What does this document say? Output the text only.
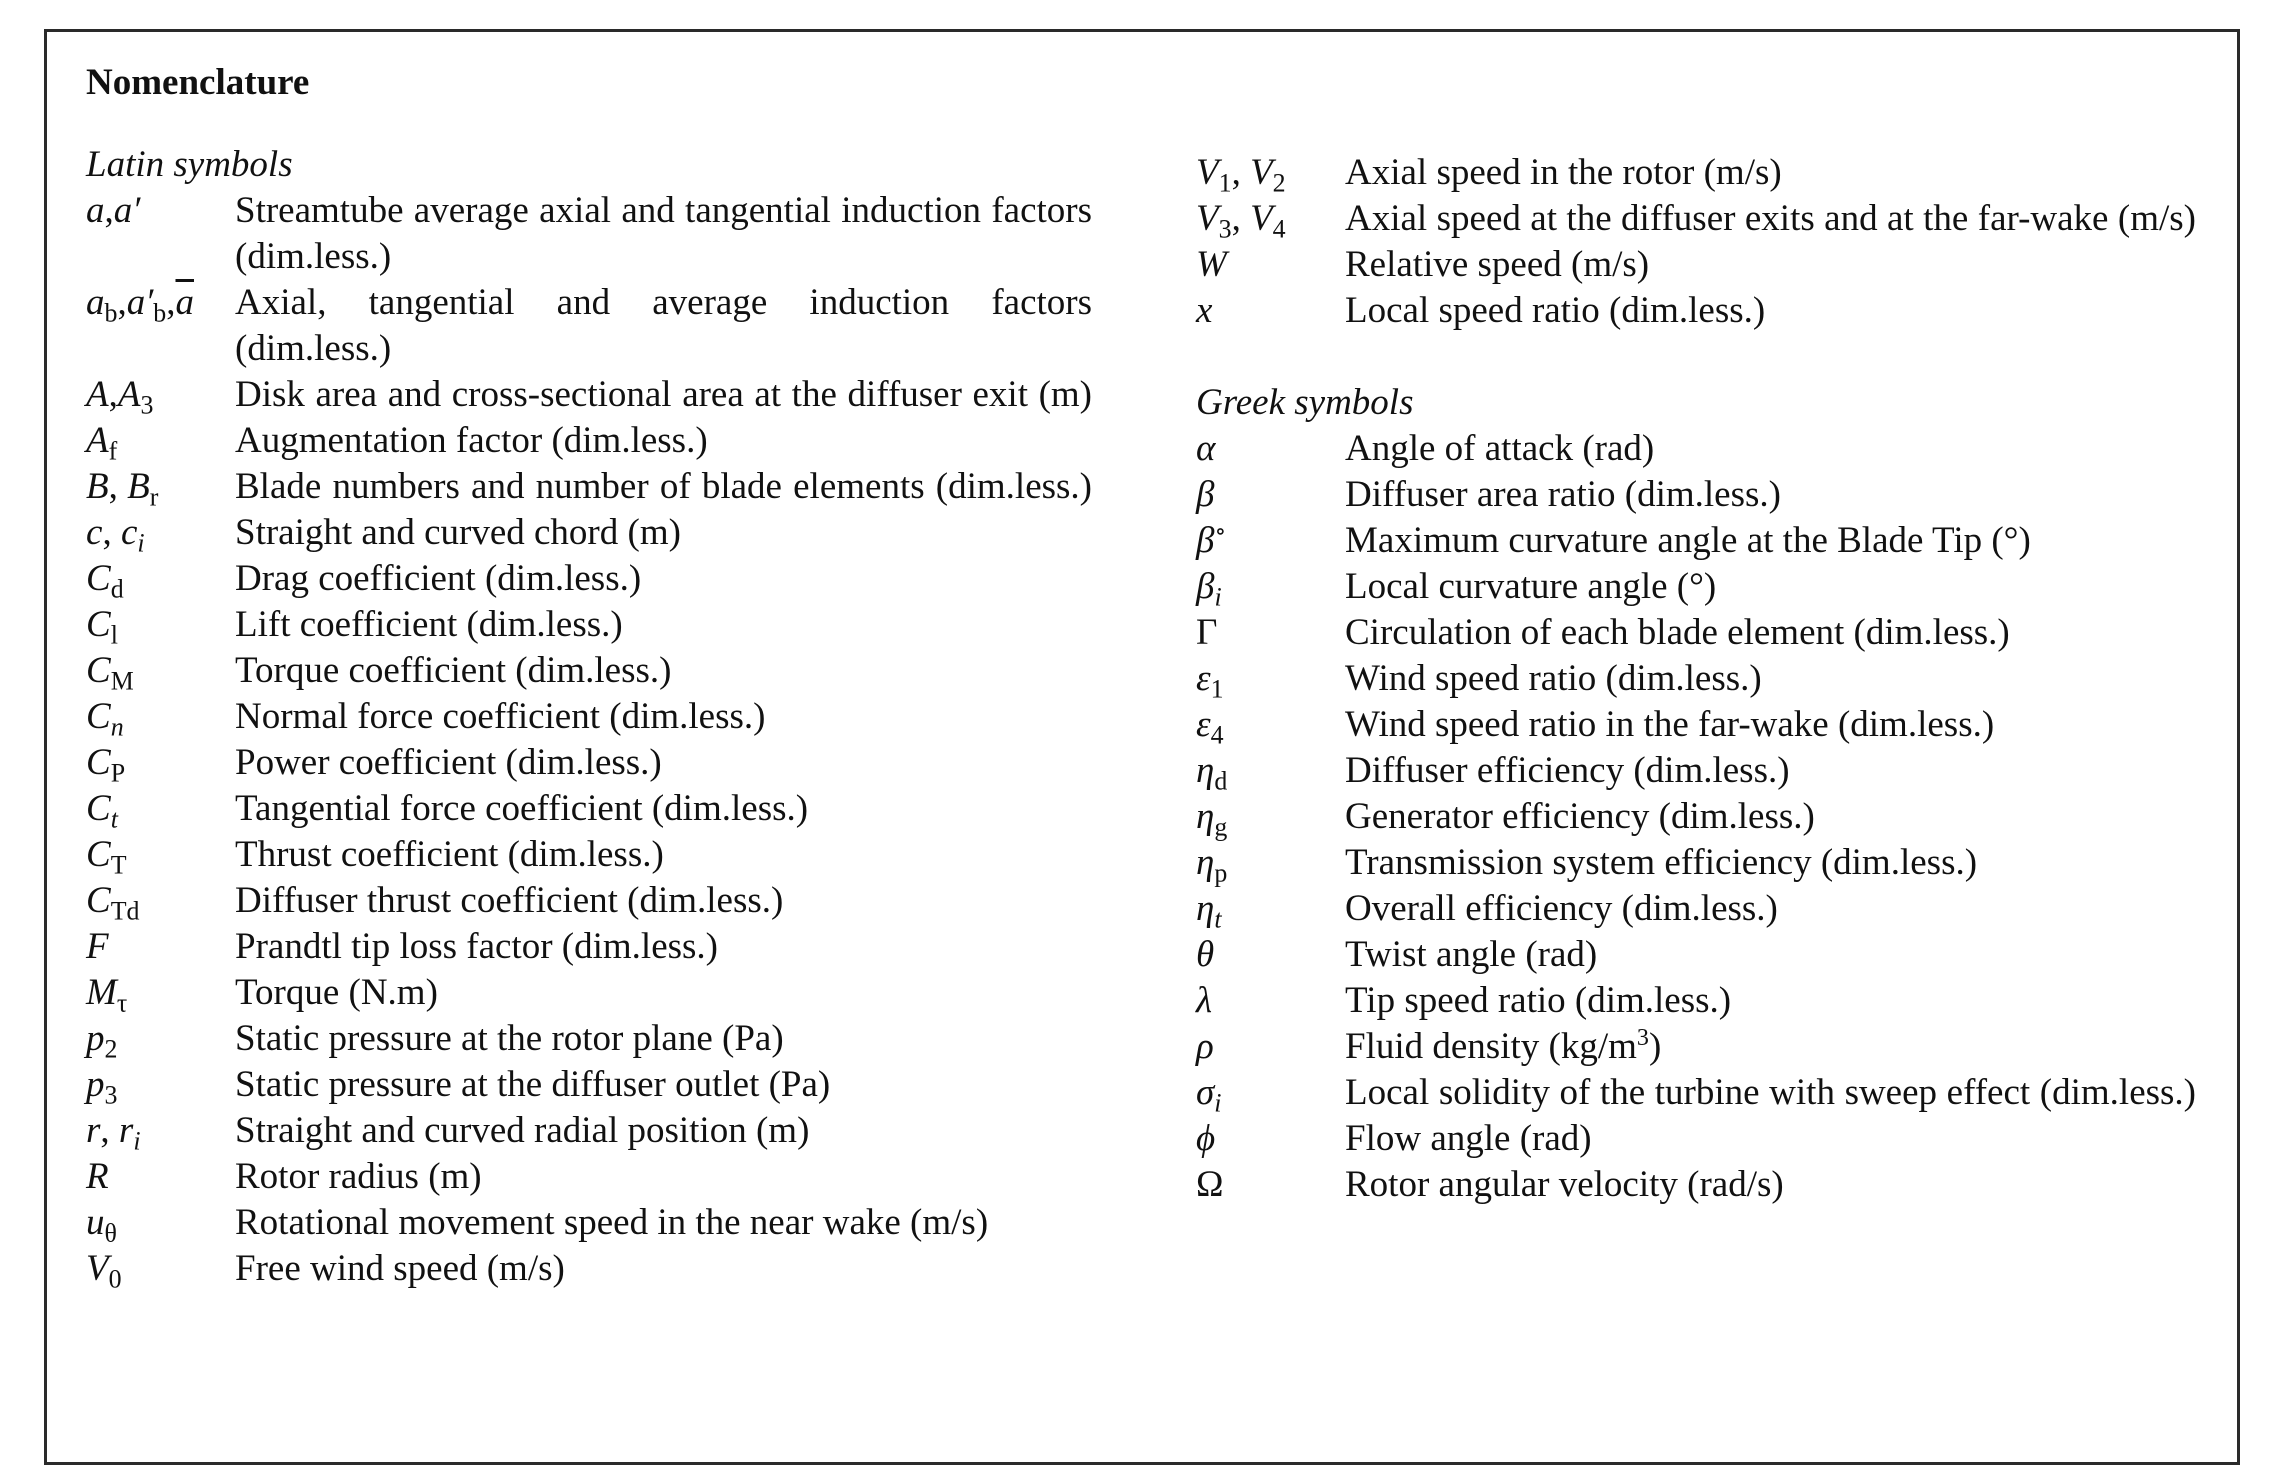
Nomenclature
Latin symbols
a,a′	Streamtube average axial and tangential induction factors (dim.less.)
$a_b,a'_b,\overline{a}$	Axial, tangential and average induction factors (dim.less.)
$A,A_3$	Disk area and cross-sectional area at the diffuser exit (m)
$A_f$	Augmentation factor (dim.less.)
B, $B_r$	Blade numbers and number of blade elements (dim.less.)
c, $c_i$	Straight and curved chord (m)
$C_d$	Drag coefficient (dim.less.)
$C_l$	Lift coefficient (dim.less.)
$C_M$	Torque coefficient (dim.less.)
$C_n$	Normal force coefficient (dim.less.)
$C_P$	Power coefficient (dim.less.)
$C_t$	Tangential force coefficient (dim.less.)
$C_T$	Thrust coefficient (dim.less.)
$C_{Td}$	Diffuser thrust coefficient (dim.less.)
F	Prandtl tip loss factor (dim.less.)
$M_\tau$	Torque (N.m)
$p_2$	Static pressure at the rotor plane (Pa)
$p_3$	Static pressure at the diffuser outlet (Pa)
r, $r_i$	Straight and curved radial position (m)
R	Rotor radius (m)
$u_\theta$	Rotational movement speed in the near wake (m/s)
$V_0$	Free wind speed (m/s)
$V_1$, $V_2$	Axial speed in the rotor (m/s)
$V_3$, $V_4$	Axial speed at the diffuser exits and at the far-wake (m/s)
W	Relative speed (m/s)
x	Local speed ratio (dim.less.)
Greek symbols
α	Angle of attack (rad)
β	Diffuser area ratio (dim.less.)
β∘	Maximum curvature angle at the Blade Tip (°)
$\beta_i$	Local curvature angle (°)
Γ	Circulation of each blade element (dim.less.)
$\varepsilon_1$	Wind speed ratio (dim.less.)
$\varepsilon_4$	Wind speed ratio in the far-wake (dim.less.)
$\eta_d$	Diffuser efficiency (dim.less.)
$\eta_g$	Generator efficiency (dim.less.)
$\eta_p$	Transmission system efficiency (dim.less.)
$\eta_t$	Overall efficiency (dim.less.)
θ	Twist angle (rad)
λ	Tip speed ratio (dim.less.)
ρ	Fluid density $(kg/m^3)$
$\sigma_i$	Local solidity of the turbine with sweep effect (dim.less.)
ϕ	Flow angle (rad)
Ω	Rotor angular velocity (rad/s)
